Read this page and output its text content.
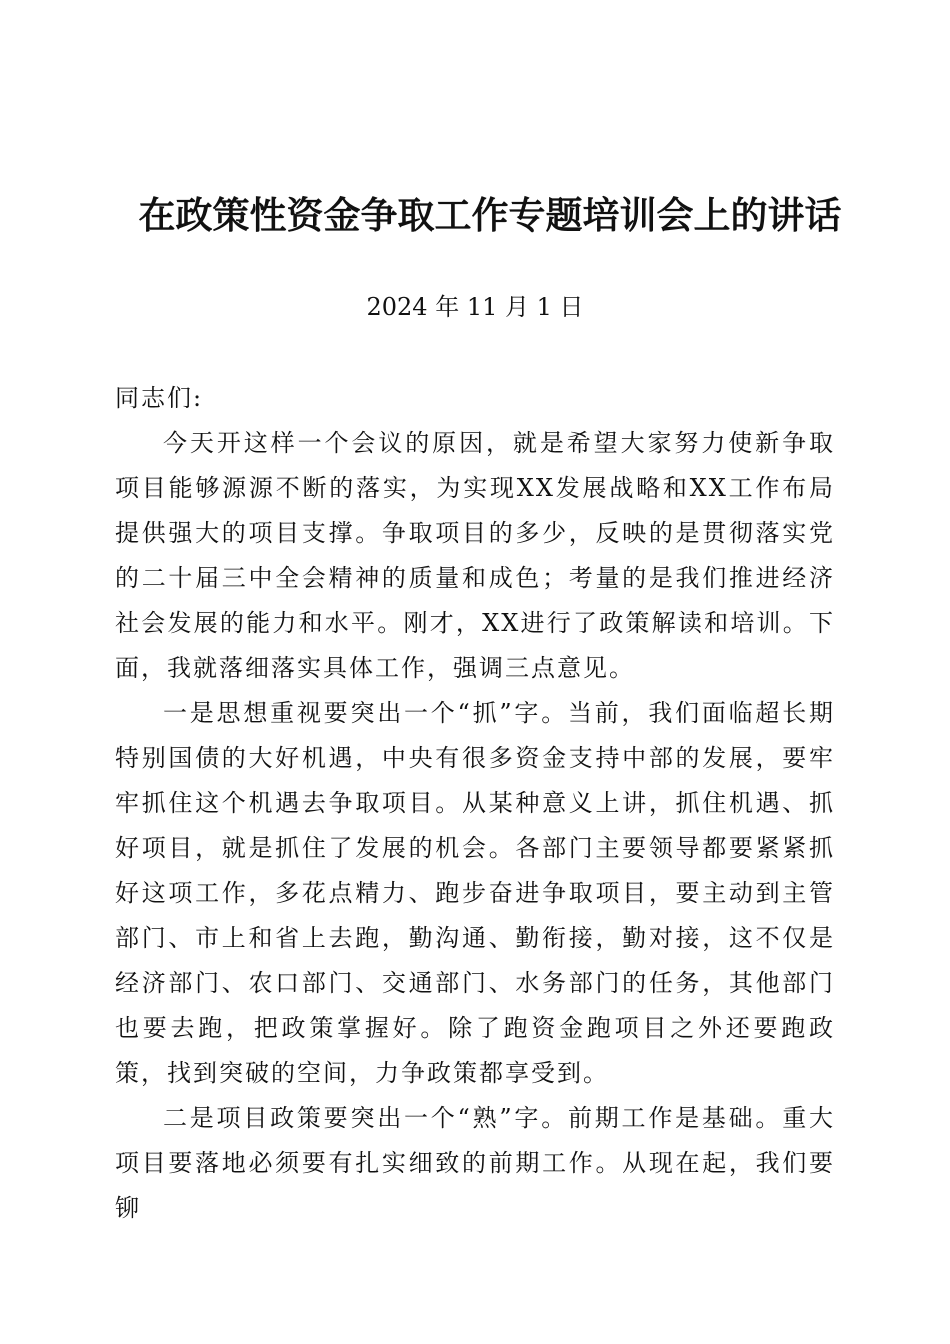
在政策性资金争取工作专题培训会上的讲话
2024 年 11 月 1 日

同志们:

今天开这样一个会议的原因，就是希望大家努力使新争取项目能够源源不断的落实，为实现XX发展战略和XX工作布局提供强大的项目支撑。争取项目的多少，反映的是贯彻落实党的二十届三中全会精神的质量和成色；考量的是我们推进经济社会发展的能力和水平。刚才，XX进行了政策解读和培训。下面，我就落细落实具体工作，强调三点意见。

一是思想重视要突出一个“抓”字。当前，我们面临超长期特别国债的大好机遇，中央有很多资金支持中部的发展，要牢牢抓住这个机遇去争取项目。从某种意义上讲，抓住机遇、抓好项目，就是抓住了发展的机会。各部门主要领导都要紧紧抓好这项工作，多花点精力、跑步奋进争取项目，要主动到主管部门、市上和省上去跑，勤沟通、勤衔接，勤对接，这不仅是经济部门、农口部门、交通部门、水务部门的任务，其他部门也要去跑，把政策掌握好。除了跑资金跑项目之外还要跑政策，找到突破的空间，力争政策都享受到。

二是项目政策要突出一个“熟”字。前期工作是基础。重大项目要落地必须要有扎实细致的前期工作。从现在起，我们要铆
